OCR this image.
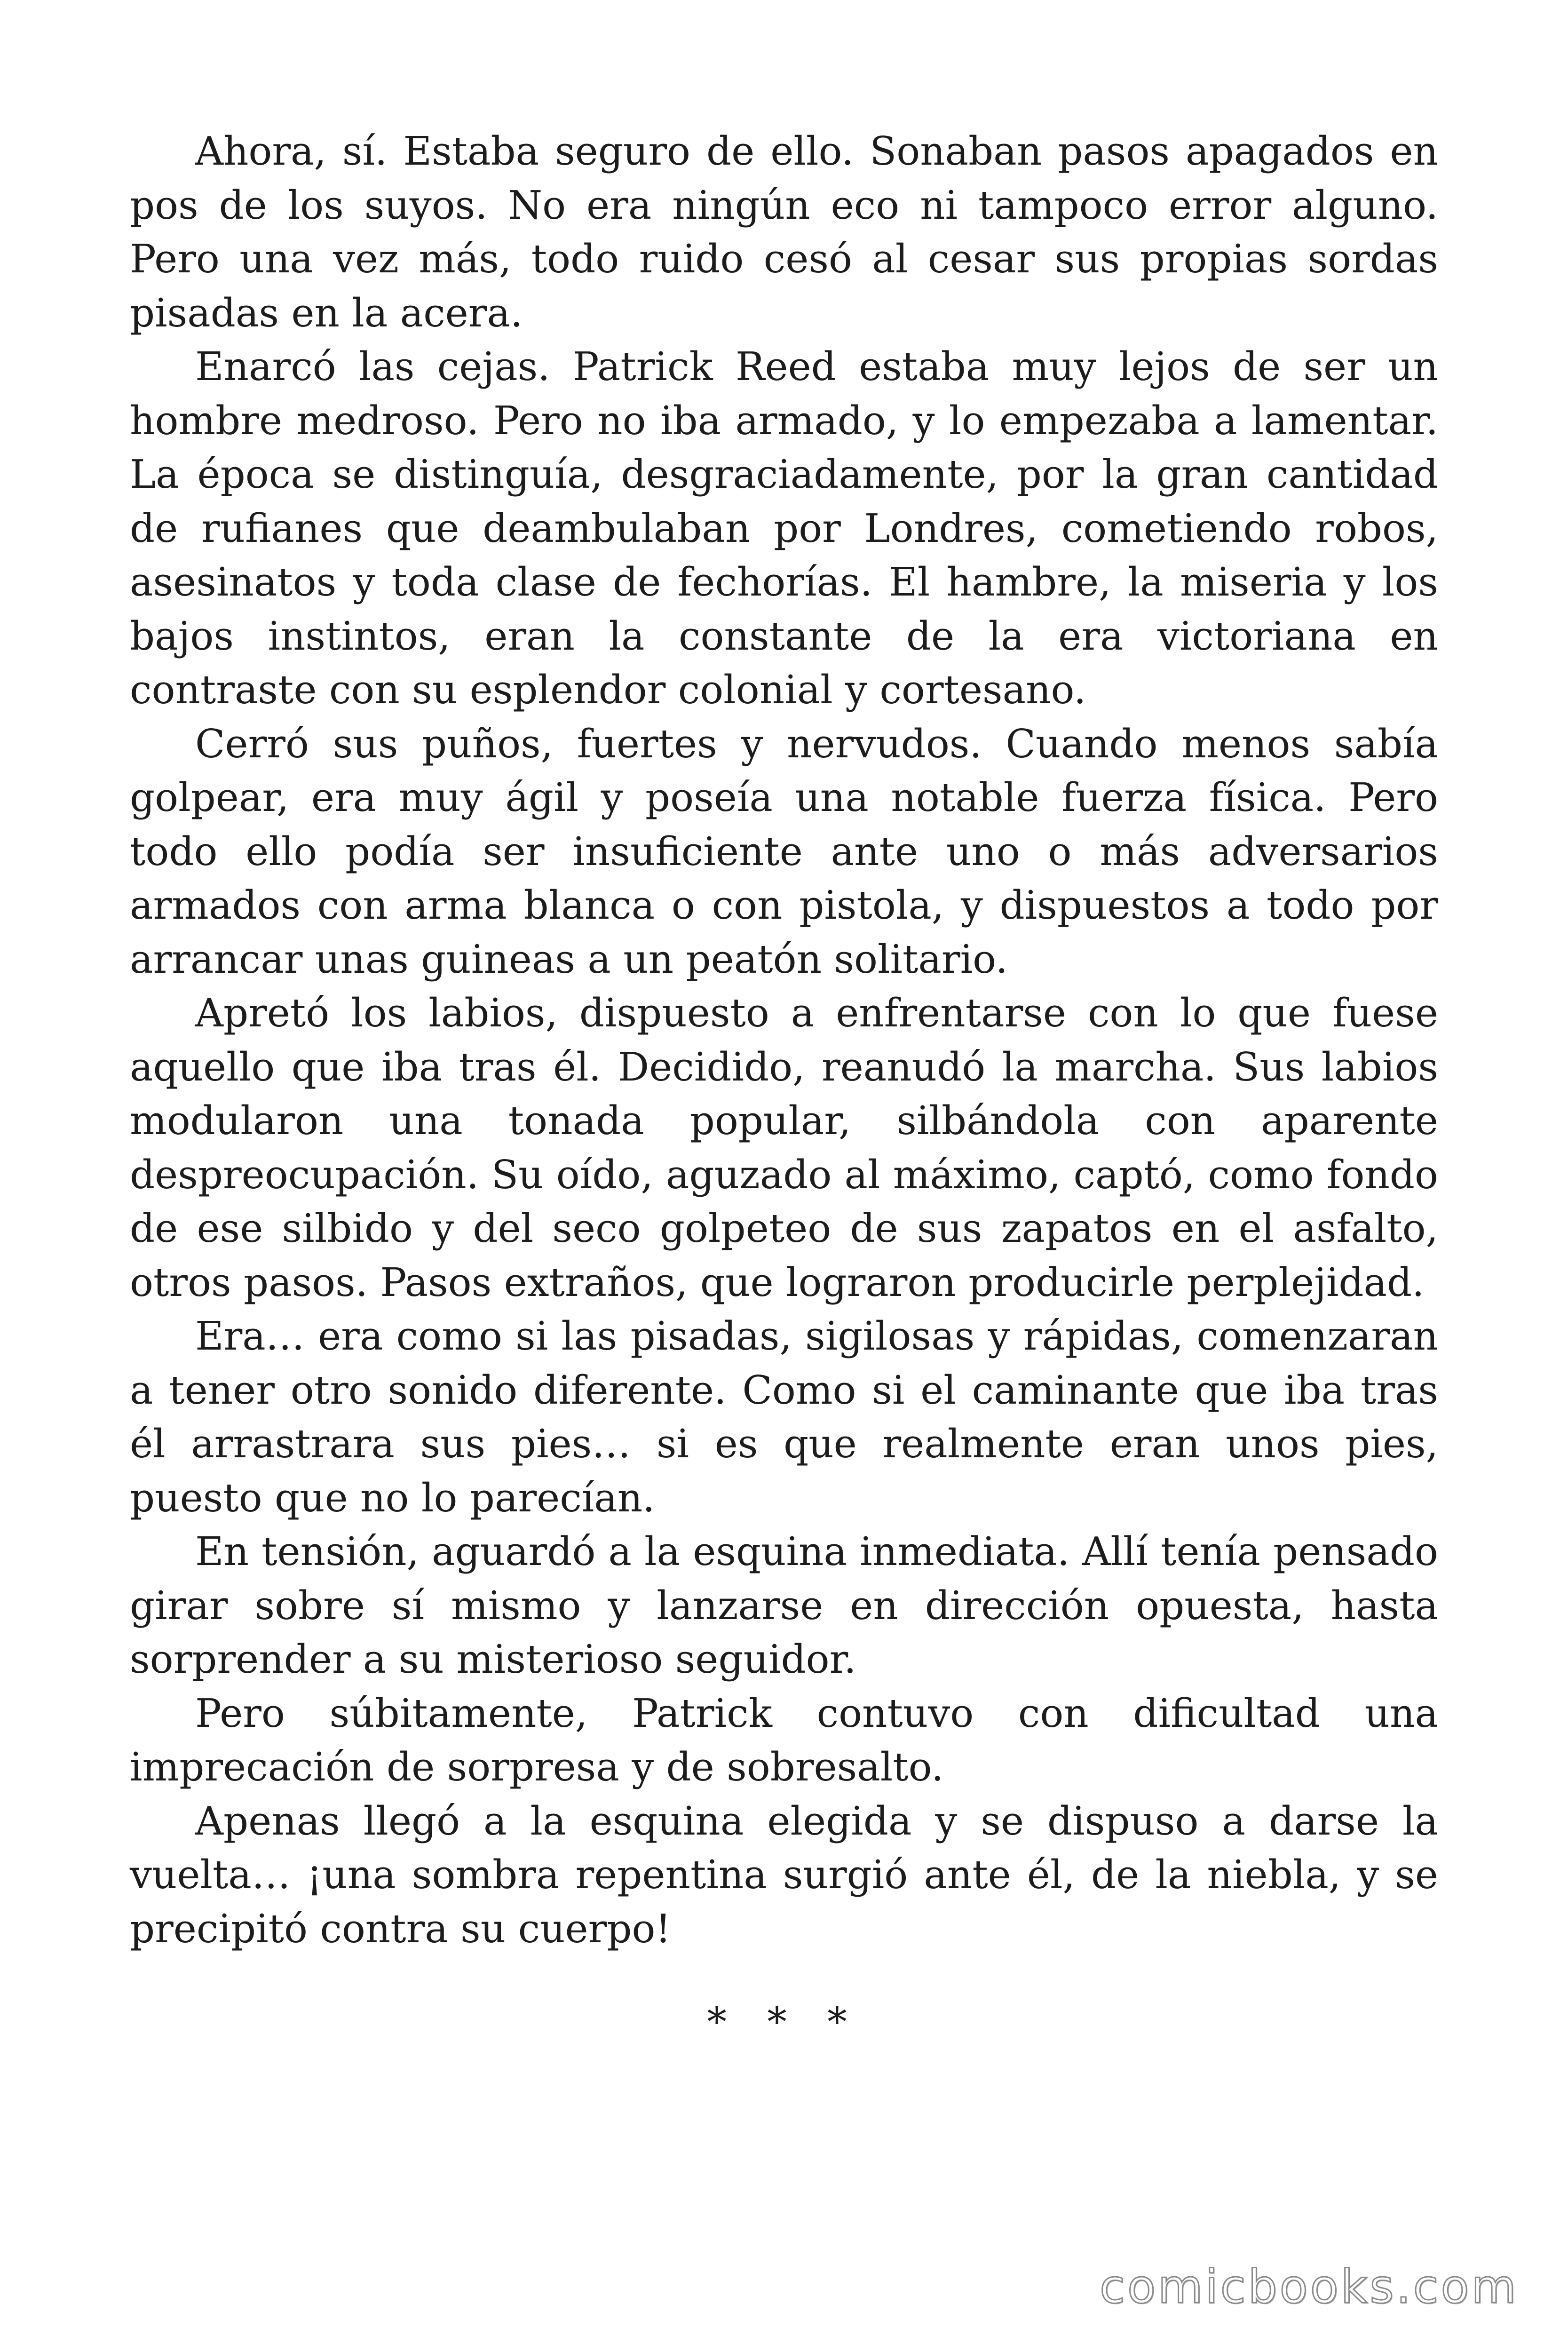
Ahora, sí. Estaba seguro de ello. Sonaban pasos apagados en pos de los suyos. No era ningún eco ni tampoco error alguno. Pero una vez más, todo ruido cesó al cesar sus propias sordas pisadas en la acera.

Enarcó las cejas. Patrick Reed estaba muy lejos de ser un hombre medroso. Pero no iba armado, y lo empezaba a lamentar. La época se distinguía, desgraciadamente, por la gran cantidad de rufianes que deambulaban por Londres, cometiendo robos, asesinatos y toda clase de fechorías. El hambre, la miseria y los bajos instintos, eran la constante de la era victoriana en contraste con su esplendor colonial y cortesano.

Cerró sus puños, fuertes y nervudos. Cuando menos sabía golpear, era muy ágil y poseía una notable fuerza física. Pero todo ello podía ser insuficiente ante uno o más adversarios armados con arma blanca o con pistola, y dispuestos a todo por arrancar unas guineas a un peatón solitario.

Apretó los labios, dispuesto a enfrentarse con lo que fuese aquello que iba tras él. Decidido, reanudó la marcha. Sus labios modularon una tonada popular, silbándola con aparente despreocupación. Su oído, aguzado al máximo, captó, como fondo de ese silbido y del seco golpeteo de sus zapatos en el asfalto, otros pasos. Pasos extraños, que lograron producirle perplejidad.

Era… era como si las pisadas, sigilosas y rápidas, comenzaran a tener otro sonido diferente. Como si el caminante que iba tras él arrastrara sus pies… si es que realmente eran unos pies, puesto que no lo parecían.

En tensión, aguardó a la esquina inmediata. Allí tenía pensado girar sobre sí mismo y lanzarse en dirección opuesta, hasta sorprender a su misterioso seguidor.

Pero súbitamente, Patrick contuvo con dificultad una imprecación de sorpresa y de sobresalto.

Apenas llegó a la esquina elegida y se dispuso a darse la vuelta… ¡una sombra repentina surgió ante él, de la niebla, y se precipitó contra su cuerpo!

* * *
comicbooks.com
